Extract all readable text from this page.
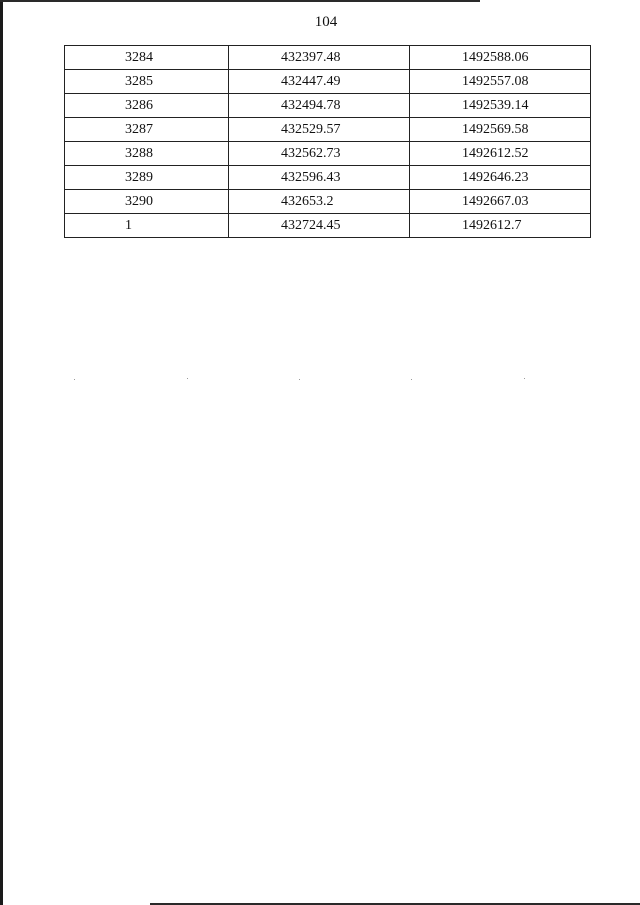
104
3284	432397.48	1492588.06
3285	432447.49	1492557.08
3286	432494.78	1492539.14
3287	432529.57	1492569.58
3288	432562.73	1492612.52
3289	432596.43	1492646.23
3290	432653.2	1492667.03
1	432724.45	1492612.7
